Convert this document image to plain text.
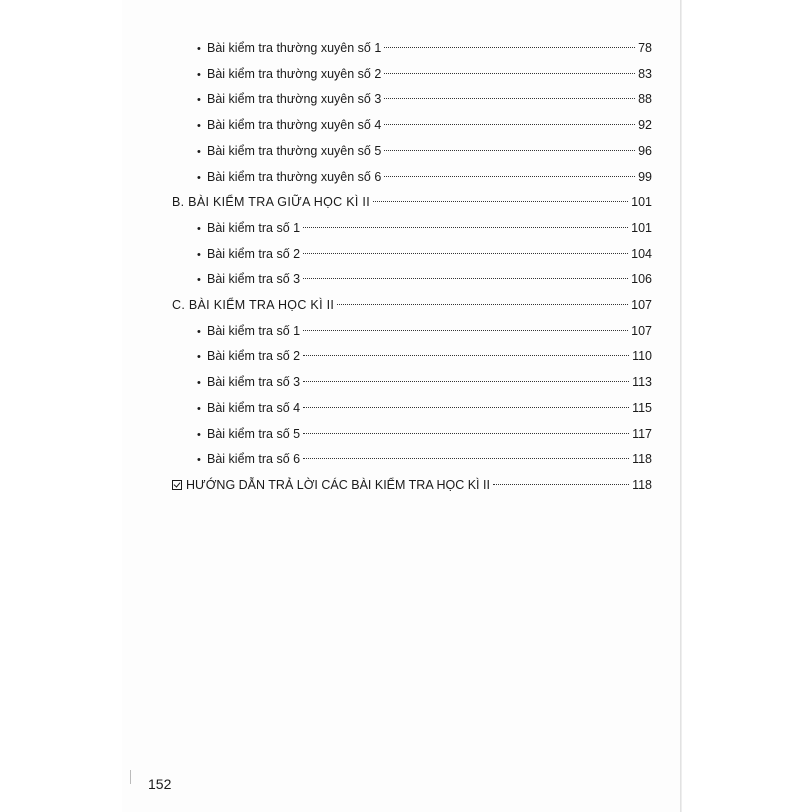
• Bài kiểm tra thường xuyên số 1	78
• Bài kiểm tra thường xuyên số 2	83
• Bài kiểm tra thường xuyên số 3	88
• Bài kiểm tra thường xuyên số 4	92
• Bài kiểm tra thường xuyên số 5	96
• Bài kiểm tra thường xuyên số 6	99
B. BÀI KIỂM TRA GIỮA HỌC KÌ II	101
• Bài kiểm tra số 1	101
• Bài kiểm tra số 2	104
• Bài kiểm tra số 3	106
C. BÀI KIỂM TRA HỌC KÌ II	107
• Bài kiểm tra số 1	107
• Bài kiểm tra số 2	110
• Bài kiểm tra số 3	113
• Bài kiểm tra số 4	115
• Bài kiểm tra số 5	117
• Bài kiểm tra số 6	118
HƯỚNG DẪN TRẢ LỜI CÁC BÀI KIỂM TRA HỌC KÌ II	118
152
